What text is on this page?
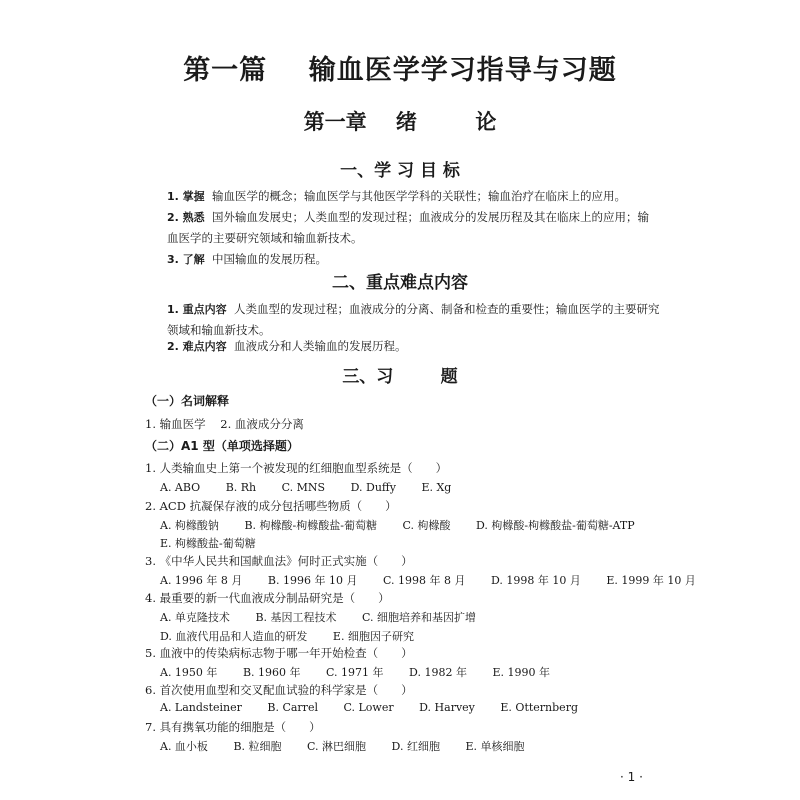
第一篇    输血医学学习指导与习题
第一章    绪        论
一、学 习 目 标
1. 掌握 输血医学的概念；输血医学与其他医学学科的关联性；输血治疗在临床上的应用。
2. 熟悉 国外输血发展史；人类血型的发现过程；血液成分的发展历程及其在临床上的应用；输血医学的主要研究领域和输血新技术。
3. 了解 中国输血的发展历程。
二、重点难点内容
1. 重点内容 人类血型的发现过程；血液成分的分离、制备和检查的重要性；输血医学的主要研究领域和输血新技术。
2. 难点内容 血液成分和人类输血的发展历程。
三、习        题
（一）名词解释
1. 输血医学 2. 血液成分分离
（二）A1 型（单项选择题）
1. 人类输血史上第一个被发现的红细胞血型系统是（　　）
A. ABO B. Rh C. MNS D. Duffy E. Xg
2. ACD 抗凝保存液的成分包括哪些物质（　　）
A. 枸橼酸钠 B. 枸橼酸-枸橼酸盐-葡萄糖 C. 枸橼酸 D. 枸橼酸-枸橼酸盐-葡萄糖-ATP
E. 枸橼酸盐-葡萄糖
3. 《中华人民共和国献血法》何时正式实施（　　）
A. 1996 年 8 月 B. 1996 年 10 月 C. 1998 年 8 月 D. 1998 年 10 月 E. 1999 年 10 月
4. 最重要的新一代血液成分制品研究是（　　）
A. 单克隆技术 B. 基因工程技术 C. 细胞培养和基因扩增
D. 血液代用品和人造血的研发 E. 细胞因子研究
5. 血液中的传染病标志物于哪一年开始检查（　　）
A. 1950 年 B. 1960 年 C. 1971 年 D. 1982 年 E. 1990 年
6. 首次使用血型和交叉配血试验的科学家是（　　）
A. Landsteiner B. Carrel C. Lower D. Harvey E. Otternberg
7. 具有携氧功能的细胞是（　　）
A. 血小板 B. 粒细胞 C. 淋巴细胞 D. 红细胞 E. 单核细胞
· 1 ·
